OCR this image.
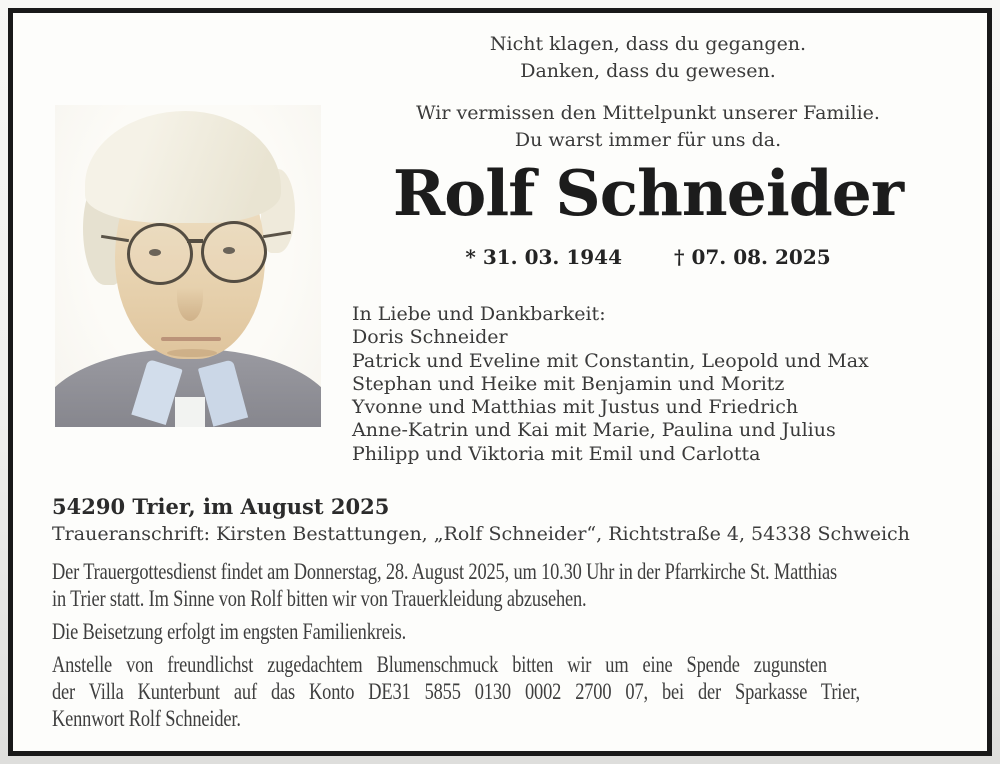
Nicht klagen, dass du gegangen.
Danken, dass du gewesen.
Wir vermissen den Mittelpunkt unserer Familie.
Du warst immer für uns da.
Rolf Schneider
* 31. 03. 1944	† 07. 08. 2025
In Liebe und Dankbarkeit:
Doris Schneider
Patrick und Eveline mit Constantin, Leopold und Max
Stephan und Heike mit Benjamin und Moritz
Yvonne und Matthias mit Justus und Friedrich
Anne-Katrin und Kai mit Marie, Paulina und Julius
Philipp und Viktoria mit Emil und Carlotta
54290 Trier, im August 2025
Traueranschrift: Kirsten Bestattungen, „Rolf Schneider“, Richtstraße 4, 54338 Schweich
Der Trauergottesdienst findet am Donnerstag, 28. August 2025, um 10.30 Uhr in der Pfarrkirche St. Matthias
in Trier statt. Im Sinne von Rolf bitten wir von Trauerkleidung abzusehen.
Die Beisetzung erfolgt im engsten Familienkreis.
Anstelle von freundlichst zugedachtem Blumenschmuck bitten wir um eine Spende zugunsten
der Villa Kunterbunt auf das Konto DE31 5855 0130 0002 2700 07, bei der Sparkasse Trier,
Kennwort Rolf Schneider.
